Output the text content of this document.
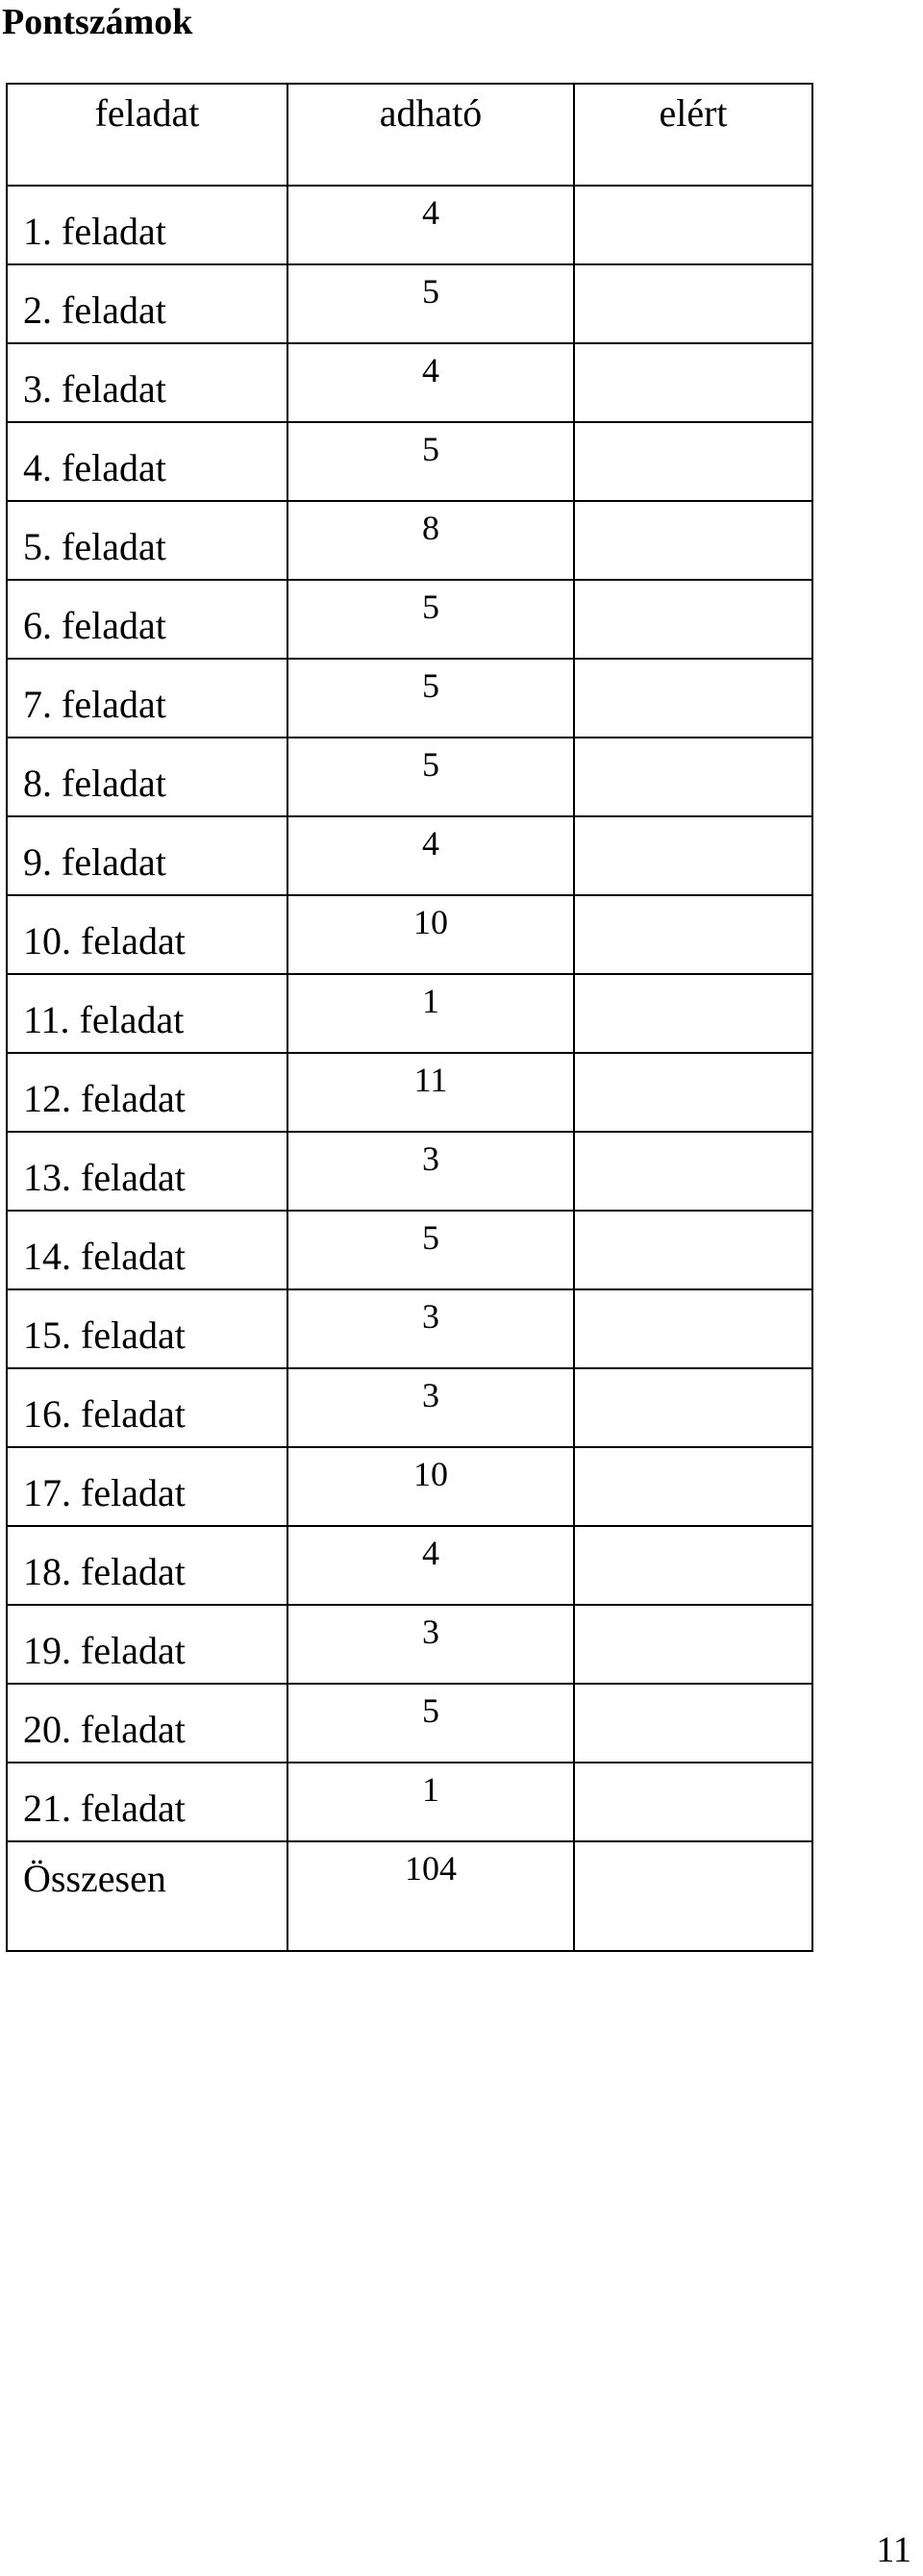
Pontszámok
feladat	adható	elért

1. feladat	4	
2. feladat	5	
3. feladat	4	
4. feladat	5	
5. feladat	8	
6. feladat	5	
7. feladat	5	
8. feladat	5	
9. feladat	4	
10. feladat	10	
11. feladat	1	
12. feladat	11	
13. feladat	3	
14. feladat	5	
15. feladat	3	
16. feladat	3	
17. feladat	10	
18. feladat	4	
19. feladat	3	
20. feladat	5	
21. feladat	1	
Összesen	104	
11
